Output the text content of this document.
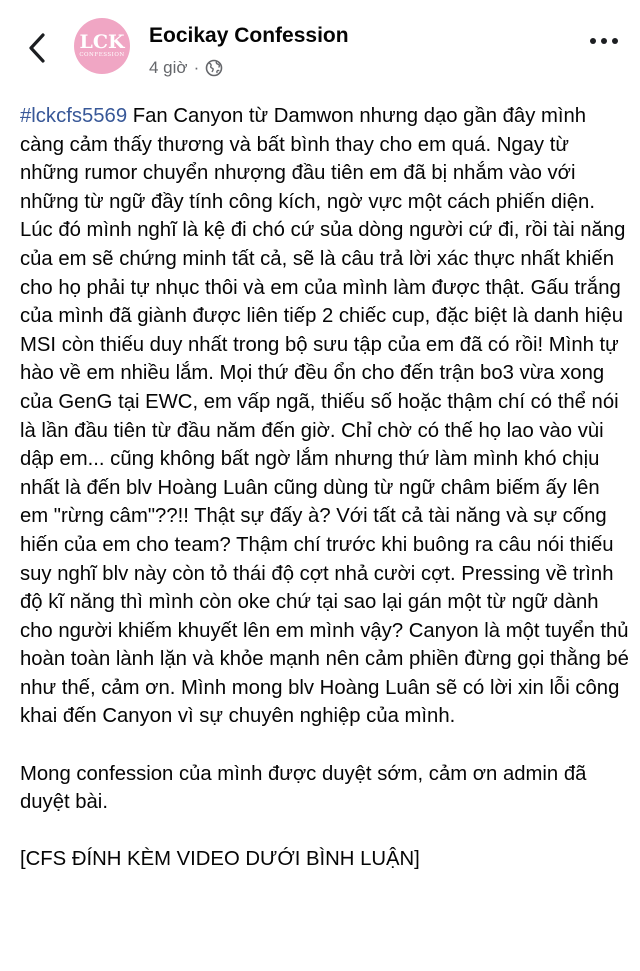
LCK
CONFESSION
Eocikay Confession
4 giờ ·

#lckcfs5569 Fan Canyon từ Damwon nhưng dạo gần đây mình càng cảm thấy thương và bất bình thay cho em quá. Ngay từ những rumor chuyển nhượng đầu tiên em đã bị nhắm vào với những từ ngữ đầy tính công kích, ngờ vực một cách phiến diện. Lúc đó mình nghĩ là kệ đi chó cứ sủa dòng người cứ đi, rồi tài năng của em sẽ chứng minh tất cả, sẽ là câu trả lời xác thực nhất khiến cho họ phải tự nhục thôi và em của mình làm được thật. Gấu trắng của mình đã giành được liên tiếp 2 chiếc cup, đặc biệt là danh hiệu MSI còn thiếu duy nhất trong bộ sưu tập của em đã có rồi! Mình tự hào về em nhiều lắm. Mọi thứ đều ổn cho đến trận bo3 vừa xong của GenG tại EWC, em vấp ngã, thiếu số hoặc thậm chí có thể nói là lần đầu tiên từ đầu năm đến giờ. Chỉ chờ có thế họ lao vào vùi dập em... cũng không bất ngờ lắm nhưng thứ làm mình khó chịu nhất là đến blv Hoàng Luân cũng dùng từ ngữ châm biếm ấy lên em "rừng câm"??!! Thật sự đấy à? Với tất cả tài năng và sự cống hiến của em cho team? Thậm chí trước khi buông ra câu nói thiếu suy nghĩ blv này còn tỏ thái độ cợt nhả cười cợt. Pressing về trình độ kĩ năng thì mình còn oke chứ tại sao lại gán một từ ngữ dành cho người khiếm khuyết lên em mình vậy? Canyon là một tuyển thủ hoàn toàn lành lặn và khỏe mạnh nên cảm phiền đừng gọi thằng bé như thế, cảm ơn. Mình mong blv Hoàng Luân sẽ có lời xin lỗi công khai đến Canyon vì sự chuyên nghiệp của mình.

Mong confession của mình được duyệt sớm, cảm ơn admin đã duyệt bài.

[CFS ĐÍNH KÈM VIDEO DƯỚI BÌNH LUẬN]
